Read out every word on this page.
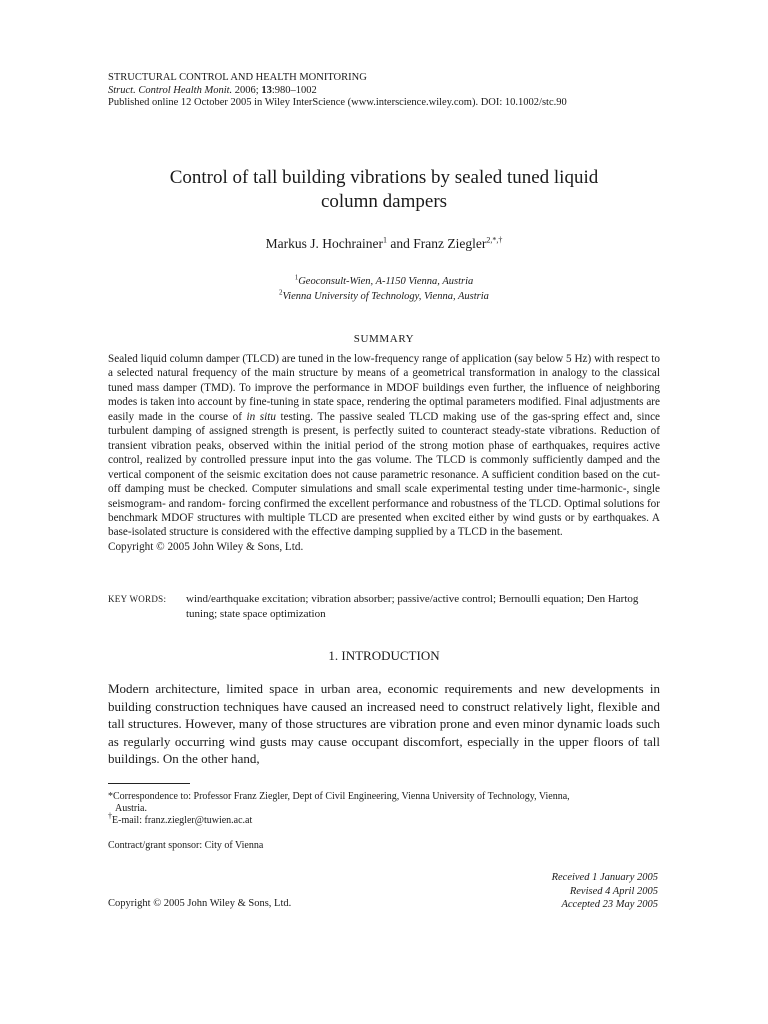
STRUCTURAL CONTROL AND HEALTH MONITORING
Struct. Control Health Monit. 2006; 13:980–1002
Published online 12 October 2005 in Wiley InterScience (www.interscience.wiley.com). DOI: 10.1002/stc.90
Control of tall building vibrations by sealed tuned liquid
column dampers
Markus J. Hochrainer$^1$ and Franz Ziegler$^{2,*,\dagger}$
$^1$Geoconsult-Wien, A-1150 Vienna, Austria
$^2$Vienna University of Technology, Vienna, Austria
SUMMARY
Sealed liquid column damper (TLCD) are tuned in the low-frequency range of application (say below 5 Hz) with respect to a selected natural frequency of the main structure by means of a geometrical transformation in analogy to the classical tuned mass damper (TMD). To improve the performance in MDOF buildings even further, the influence of neighboring modes is taken into account by fine-tuning in state space, rendering the optimal parameters modified. Final adjustments are easily made in the course of in situ testing. The passive sealed TLCD making use of the gas-spring effect and, since turbulent damping of assigned strength is present, is perfectly suited to counteract steady-state vibrations. Reduction of transient vibration peaks, observed within the initial period of the strong motion phase of earthquakes, requires active control, realized by controlled pressure input into the gas volume. The TLCD is commonly sufficiently damped and the vertical component of the seismic excitation does not cause parametric resonance. A sufficient condition based on the cut-off damping must be checked. Computer simulations and small scale experimental testing under time-harmonic-, single seismogram- and random- forcing confirmed the excellent performance and robustness of the TLCD. Optimal solutions for benchmark MDOF structures with multiple TLCD are presented when excited either by wind gusts or by earthquakes. A base-isolated structure is considered with the effective damping supplied by a TLCD in the basement.
Copyright © 2005 John Wiley & Sons, Ltd.
KEY WORDS: wind/earthquake excitation; vibration absorber; passive/active control; Bernoulli equation; Den Hartog tuning; state space optimization
1. INTRODUCTION
Modern architecture, limited space in urban area, economic requirements and new developments in building construction techniques have caused an increased need to construct relatively light, flexible and tall structures. However, many of those structures are vibration prone and even minor dynamic loads such as regularly occurring wind gusts may cause occupant discomfort, especially in the upper floors of tall buildings. On the other hand,
*Correspondence to: Professor Franz Ziegler, Dept of Civil Engineering, Vienna University of Technology, Vienna,
Austria.
†E-mail: franz.ziegler@tuwien.ac.at
Contract/grant sponsor: City of Vienna
Received 1 January 2005
Revised 4 April 2005
Accepted 23 May 2005
Copyright © 2005 John Wiley & Sons, Ltd.
